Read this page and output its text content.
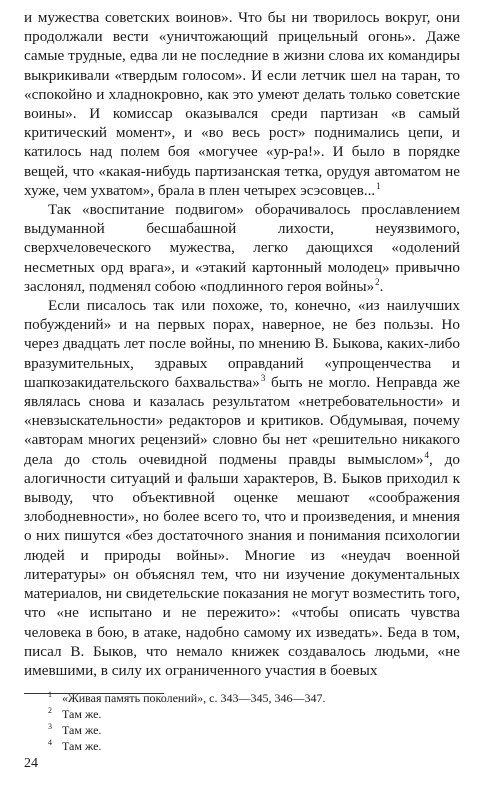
и мужества советских воинов». Что бы ни творилось вокруг, они продолжали вести «уничтожающий прицельный огонь». Даже самые трудные, едва ли не последние в жизни слова их командиры выкрикивали «твердым голосом». И если летчик шел на таран, то «спокойно и хладнокровно, как это умеют делать только советские воины». И комиссар оказывался среди партизан «в самый критический момент», и «во весь рост» поднимались цепи, и катилось над полем боя «могучее «ур-ра!». И было в порядке вещей, что «какая-нибудь партизанская тетка, орудуя автоматом не хуже, чем ухватом», брала в плен четырех эсэсовцев...$^1$

Так «воспитание подвигом» оборачивалось прославлением выдуманной бесшабашной лихости, неуязвимого, сверхчеловеческого мужества, легко дающихся «одолений несметных орд врага», и «этакий картонный молодец» привычно заслонял, подменял собою «подлинного героя войны»$^2$.

Если писалось так или похоже, то, конечно, «из наилучших побуждений» и на первых порах, наверное, не без пользы. Но через двадцать лет после войны, по мнению В. Быкова, каких-либо вразумительных, здравых оправданий «упрощенчества и шапкозакидательского бахвальства»$^3$ быть не могло. Неправда же являлась снова и казалась результатом «нетребовательности» и «невзыскательности» редакторов и критиков. Обдумывая, почему «авторам многих рецензий» словно бы нет «решительно никакого дела до столь очевидной подмены правды вымыслом»$^4$, до алогичности ситуаций и фальши характеров, В. Быков приходил к выводу, что объективной оценке мешают «соображения злободневности», но более всего то, что и произведения, и мнения о них пишутся «без достаточного знания и понимания психологии людей и природы войны». Многие из «неудач военной литературы» он объяснял тем, что ни изучение документальных материалов, ни свидетельские показания не могут возместить того, что «не испытано и не пережито»: «чтобы описать чувства человека в бою, в атаке, надобно самому их изведать». Беда в том, писал В. Быков, что немало книжек создавалось людьми, «не имевшими, в силу их ограниченного участия в боевых

1 «Живая память поколений», с. 343—345, 346—347.
2 Там же.
3 Там же.
4 Там же.
24
